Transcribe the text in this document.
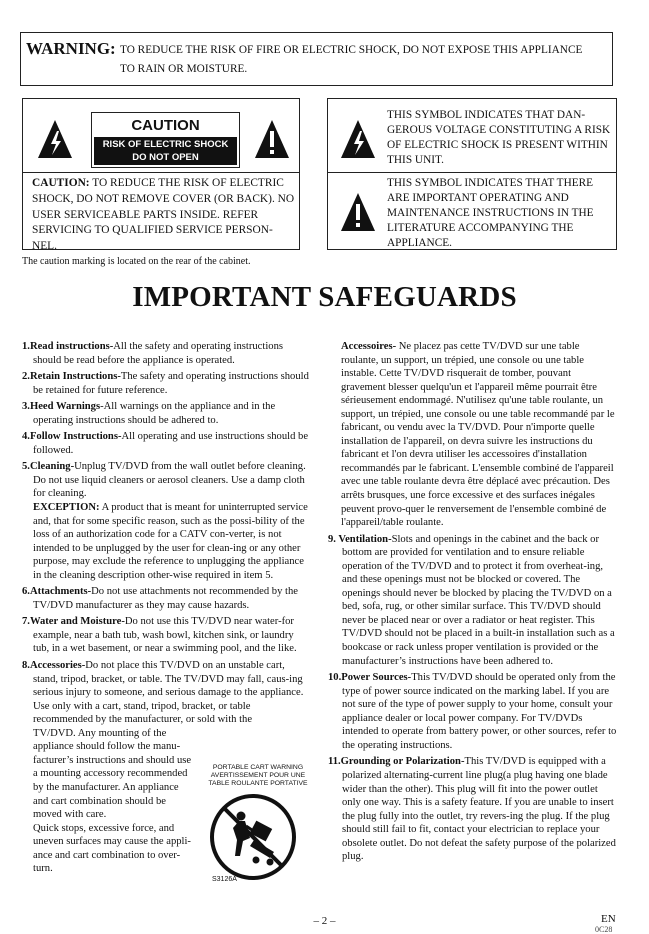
WARNING: TO REDUCE THE RISK OF FIRE OR ELECTRIC SHOCK, DO NOT EXPOSE THIS APPLIANCE
TO RAIN OR MOISTURE.
CAUTION
RISK OF ELECTRIC SHOCK
DO NOT OPEN
CAUTION: TO REDUCE THE RISK OF ELECTRIC SHOCK, DO NOT REMOVE COVER (OR BACK). NO USER SERVICEABLE PARTS INSIDE. REFER SERVICING TO QUALIFIED SERVICE PERSON-NEL.
THIS SYMBOL INDICATES THAT DAN-GEROUS VOLTAGE CONSTITUTING A RISK OF ELECTRIC SHOCK IS PRESENT WITHIN THIS UNIT.
THIS SYMBOL INDICATES THAT THERE ARE IMPORTANT OPERATING AND MAINTENANCE INSTRUCTIONS IN THE LITERATURE ACCOMPANYING THE APPLIANCE.
The caution marking is located on the rear of the cabinet.
IMPORTANT SAFEGUARDS
1.Read instructions-All the safety and operating instructions should be read before the appliance is operated.
2.Retain Instructions-The safety and operating instructions should be retained for future reference.
3.Heed Warnings-All warnings on the appliance and in the operating instructions should be adhered to.
4.Follow Instructions-All operating and use instructions should be followed.
5.Cleaning-Unplug TV/DVD from the wall outlet before cleaning. Do not use liquid cleaners or aerosol cleaners. Use a damp cloth for cleaning.

EXCEPTION: A product that is meant for uninterrupted service and, that for some specific reason, such as the possi-bility of the loss of an authorization code for a CATV con-verter, is not intended to be unplugged by the user for clean-ing or any other purpose, may exclude the reference to unplugging the appliance in the cleaning description other-wise required in item 5.

6.Attachments-Do not use attachments not recommended by the TV/DVD manufacturer as they may cause hazards.
7.Water and Moisture-Do not use this TV/DVD near water-for example, near a bath tub, wash bowl, kitchen sink, or laundry tub, in a wet basement, or near a swimming pool, and the like.
8.Accessories-Do not place this TV/DVD on an unstable cart, stand, tripod, bracket, or table. The TV/DVD may fall, caus-ing serious injury to someone, and serious damage to the appliance. Use only with a cart, stand, tripod, bracket, or table recommended by the manufacturer, or sold with the
TV/DVD. Any mounting of the
appliance should follow the manu-
facturer’s instructions and should use
a mounting accessory recommended
by the manufacturer. An appliance
and cart combination should be
moved with care.
Quick stops, excessive force, and
uneven surfaces may cause the appli-
ance and cart combination to over-
turn.
PORTABLE CART WARNING
AVERTISSEMENT POUR UNE
TABLE ROULANTE PORTATIVE
S3126A

Accessoires- Ne placez pas cette TV/DVD sur une table roulante, un support, un trépied, une console ou une table instable. Cette TV/DVD risquerait de tomber, pouvant gravement blesser quelqu'un et l'appareil même pourrait être sérieusement endommagé. N'utilisez qu'une table roulante, un support, un trépied, une console ou une table recommandé par le fabricant, ou vendu avec la TV/DVD. Pour n'importe quelle installation de l'appareil, on devra suivre les instructions du fabricant et l'on devra utiliser les accessoires d'installation recommandés par le fabricant. L'ensemble combiné de l'appareil avec une table roulante devra être déplacé avec précaution. Des arrêts brusques, une force excessive et des surfaces inégales peuvent provo-quer le renversement de l'ensemble combiné de l'appareil/table roulante.

9. Ventilation-Slots and openings in the cabinet and the back or bottom are provided for ventilation and to ensure reliable operation of the TV/DVD and to protect it from overheat-ing, and these openings must not be blocked or covered. The openings should never be blocked by placing the TV/DVD on a bed, sofa, rug, or other similar surface. This TV/DVD should never be placed near or over a radiator or heat register. This TV/DVD should not be placed in a built-in installation such as a bookcase or rack unless proper ventilation is provided or the manufacturer’s instructions have been adhered to.
10.Power Sources-This TV/DVD should be operated only from the type of power source indicated on the marking label. If you are not sure of the type of power supply to your home, consult your appliance dealer or local power company. For TV/DVDs intended to operate from battery power, or other sources, refer to the operating instructions.
11.Grounding or Polarization-This TV/DVD is equipped with a polarized alternating-current line plug(a plug having one blade wider than the other). This plug will fit into the power outlet only one way. This is a safety feature. If you are unable to insert the plug fully into the outlet, try revers-ing the plug. If the plug should still fail to fit, contact your electrician to replace your obsolete outlet. Do not defeat the safety purpose of the polarized plug.
– 2 –	EN
0C28
